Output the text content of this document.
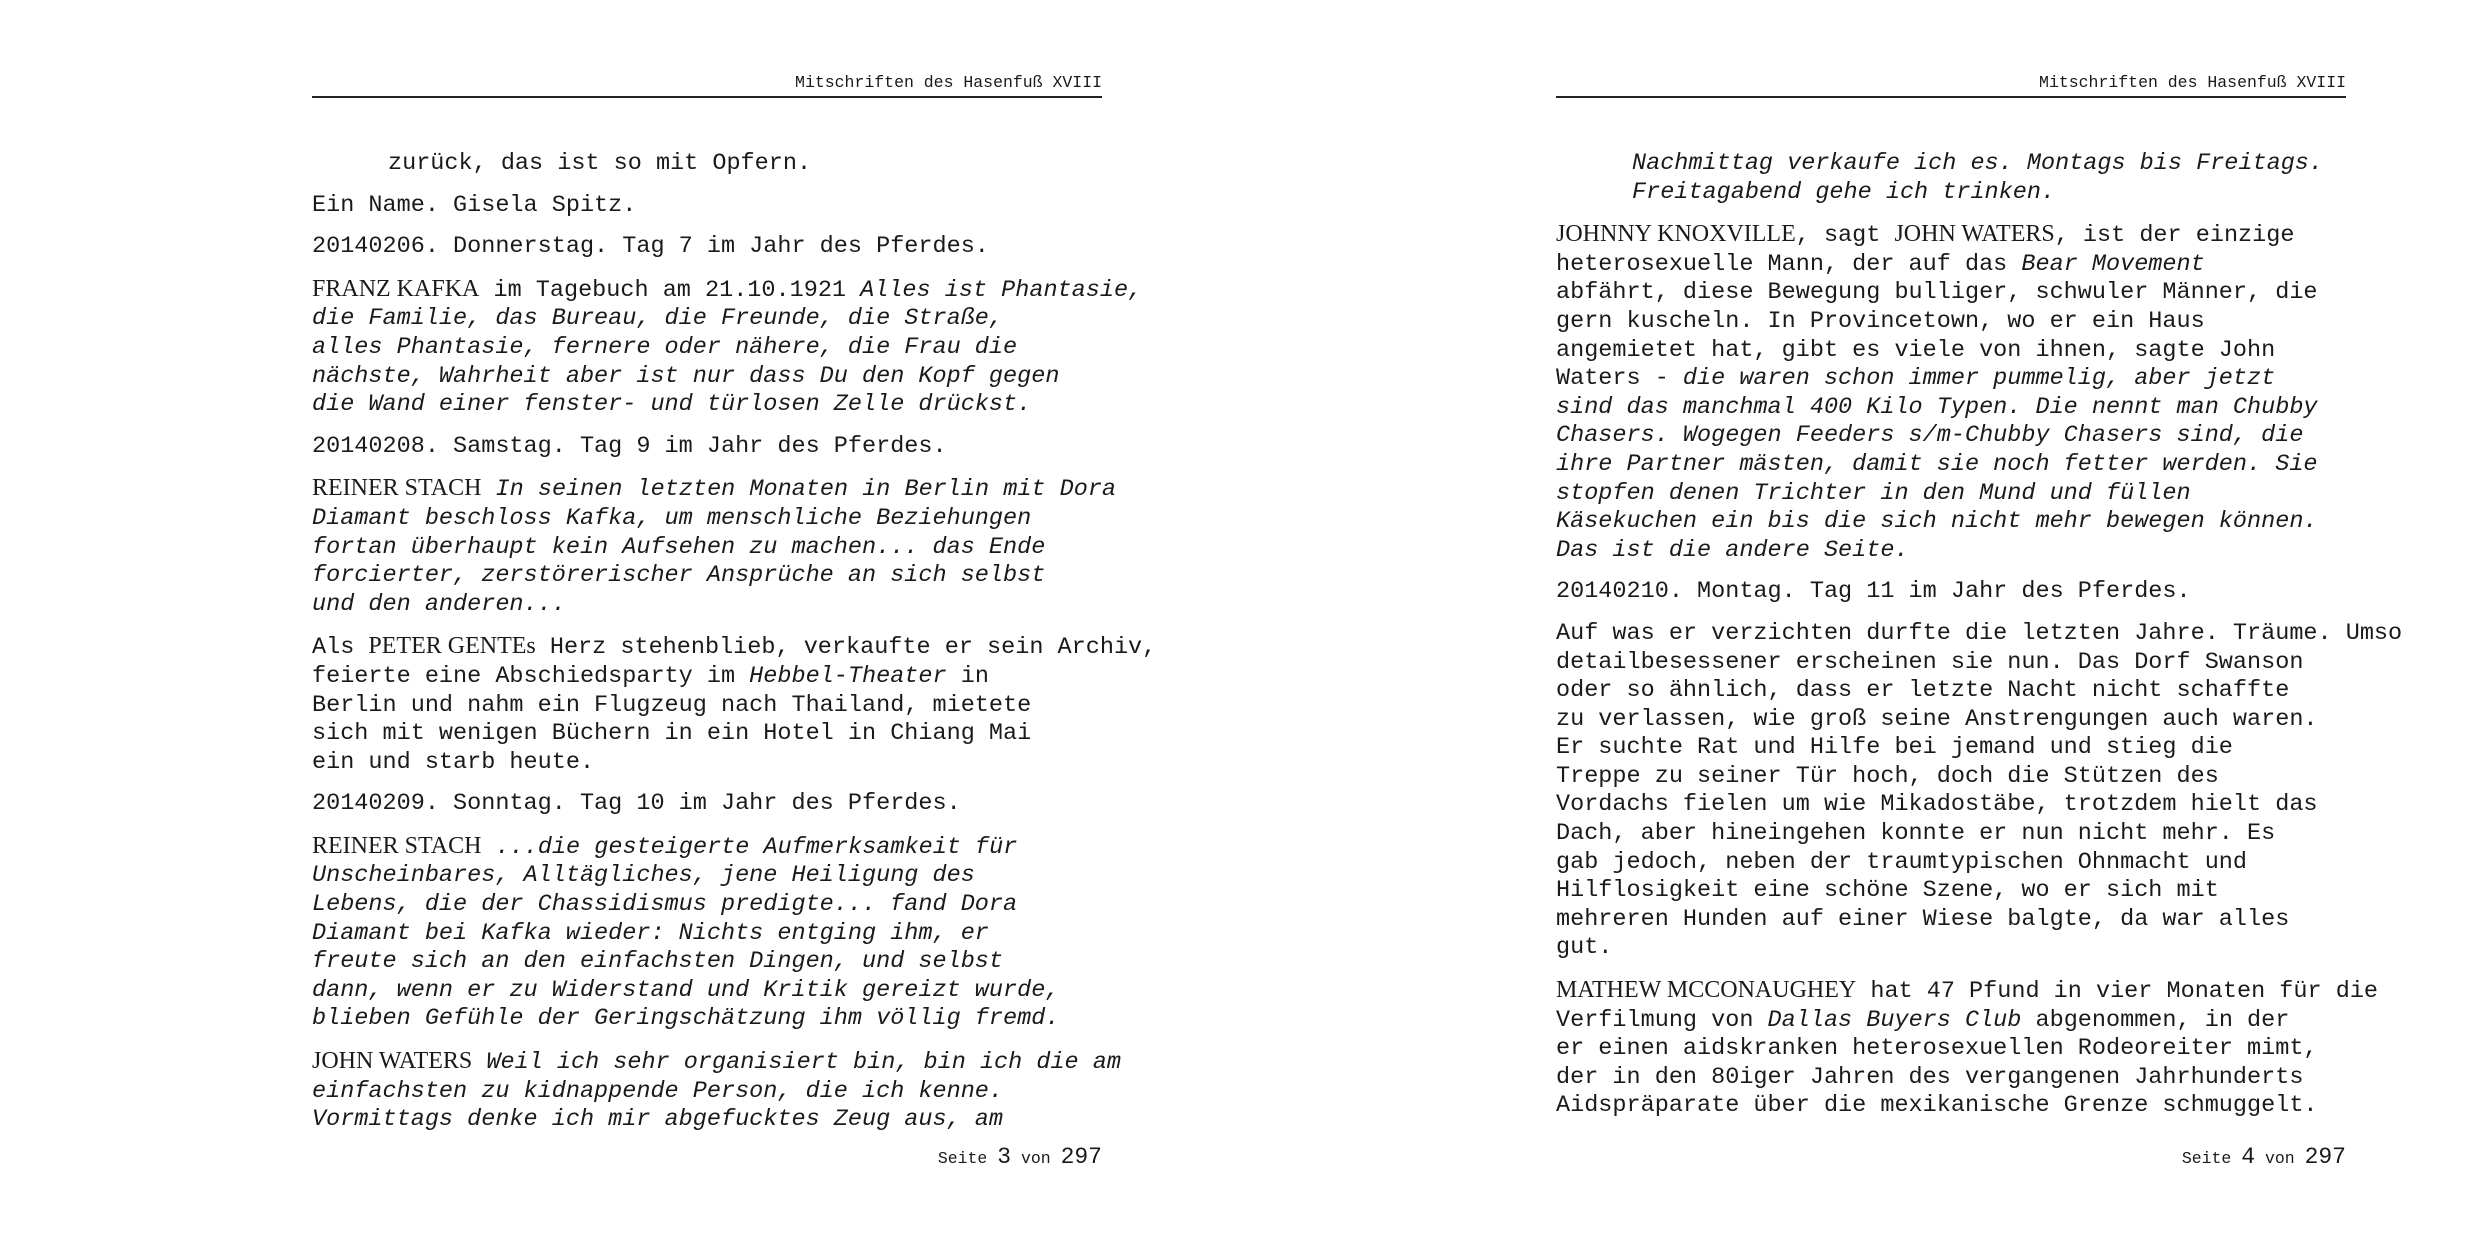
Mitschriften des Hasenfuß XVIII
zurück, das ist so mit Opfern.
Ein Name. Gisela Spitz.
20140206. Donnerstag. Tag 7 im Jahr des Pferdes.
FRANZ KAFKA im Tagebuch am 21.10.1921 Alles ist Phantasie,
die Familie, das Bureau, die Freunde, die Straße,
alles Phantasie, fernere oder nähere, die Frau die
nächste, Wahrheit aber ist nur dass Du den Kopf gegen
die Wand einer fenster- und türlosen Zelle drückst.
20140208. Samstag. Tag 9 im Jahr des Pferdes.
REINER STACH In seinen letzten Monaten in Berlin mit Dora
Diamant beschloss Kafka, um menschliche Beziehungen
fortan überhaupt kein Aufsehen zu machen... das Ende
forcierter, zerstörerischer Ansprüche an sich selbst
und den anderen...
Als PETER GENTEs Herz stehenblieb, verkaufte er sein Archiv,
feierte eine Abschiedsparty im Hebbel-Theater in
Berlin und nahm ein Flugzeug nach Thailand, mietete
sich mit wenigen Büchern in ein Hotel in Chiang Mai
ein und starb heute.
20140209. Sonntag. Tag 10 im Jahr des Pferdes.
REINER STACH ...die gesteigerte Aufmerksamkeit für
Unscheinbares, Alltägliches, jene Heiligung des
Lebens, die der Chassidismus predigte... fand Dora
Diamant bei Kafka wieder: Nichts entging ihm, er
freute sich an den einfachsten Dingen, und selbst
dann, wenn er zu Widerstand und Kritik gereizt wurde,
blieben Gefühle der Geringschätzung ihm völlig fremd.
JOHN WATERS Weil ich sehr organisiert bin, bin ich die am
einfachsten zu kidnappende Person, die ich kenne.
Vormittags denke ich mir abgefucktes Zeug aus, am
Seite 3 von 297
Mitschriften des Hasenfuß XVIII
Nachmittag verkaufe ich es. Montags bis Freitags.
Freitagabend gehe ich trinken.
JOHNNY KNOXVILLE, sagt JOHN WATERS, ist der einzige
heterosexuelle Mann, der auf das Bear Movement
abfährt, diese Bewegung bulliger, schwuler Männer, die
gern kuscheln. In Provincetown, wo er ein Haus
angemietet hat, gibt es viele von ihnen, sagte John
Waters - die waren schon immer pummelig, aber jetzt
sind das manchmal 400 Kilo Typen. Die nennt man Chubby
Chasers. Wogegen Feeders s/m-Chubby Chasers sind, die
ihre Partner mästen, damit sie noch fetter werden. Sie
stopfen denen Trichter in den Mund und füllen
Käsekuchen ein bis die sich nicht mehr bewegen können.
Das ist die andere Seite.
20140210. Montag. Tag 11 im Jahr des Pferdes.
Auf was er verzichten durfte die letzten Jahre. Träume. Umso
detailbesessener erscheinen sie nun. Das Dorf Swanson
oder so ähnlich, dass er letzte Nacht nicht schaffte
zu verlassen, wie groß seine Anstrengungen auch waren.
Er suchte Rat und Hilfe bei jemand und stieg die
Treppe zu seiner Tür hoch, doch die Stützen des
Vordachs fielen um wie Mikadostäbe, trotzdem hielt das
Dach, aber hineingehen konnte er nun nicht mehr. Es
gab jedoch, neben der traumtypischen Ohnmacht und
Hilflosigkeit eine schöne Szene, wo er sich mit
mehreren Hunden auf einer Wiese balgte, da war alles
gut.
MATHEW MCCONAUGHEY hat 47 Pfund in vier Monaten für die
Verfilmung von Dallas Buyers Club abgenommen, in der
er einen aidskranken heterosexuellen Rodeoreiter mimt,
der in den 80iger Jahren des vergangenen Jahrhunderts
Aidspräparate über die mexikanische Grenze schmuggelt.
Seite 4 von 297
